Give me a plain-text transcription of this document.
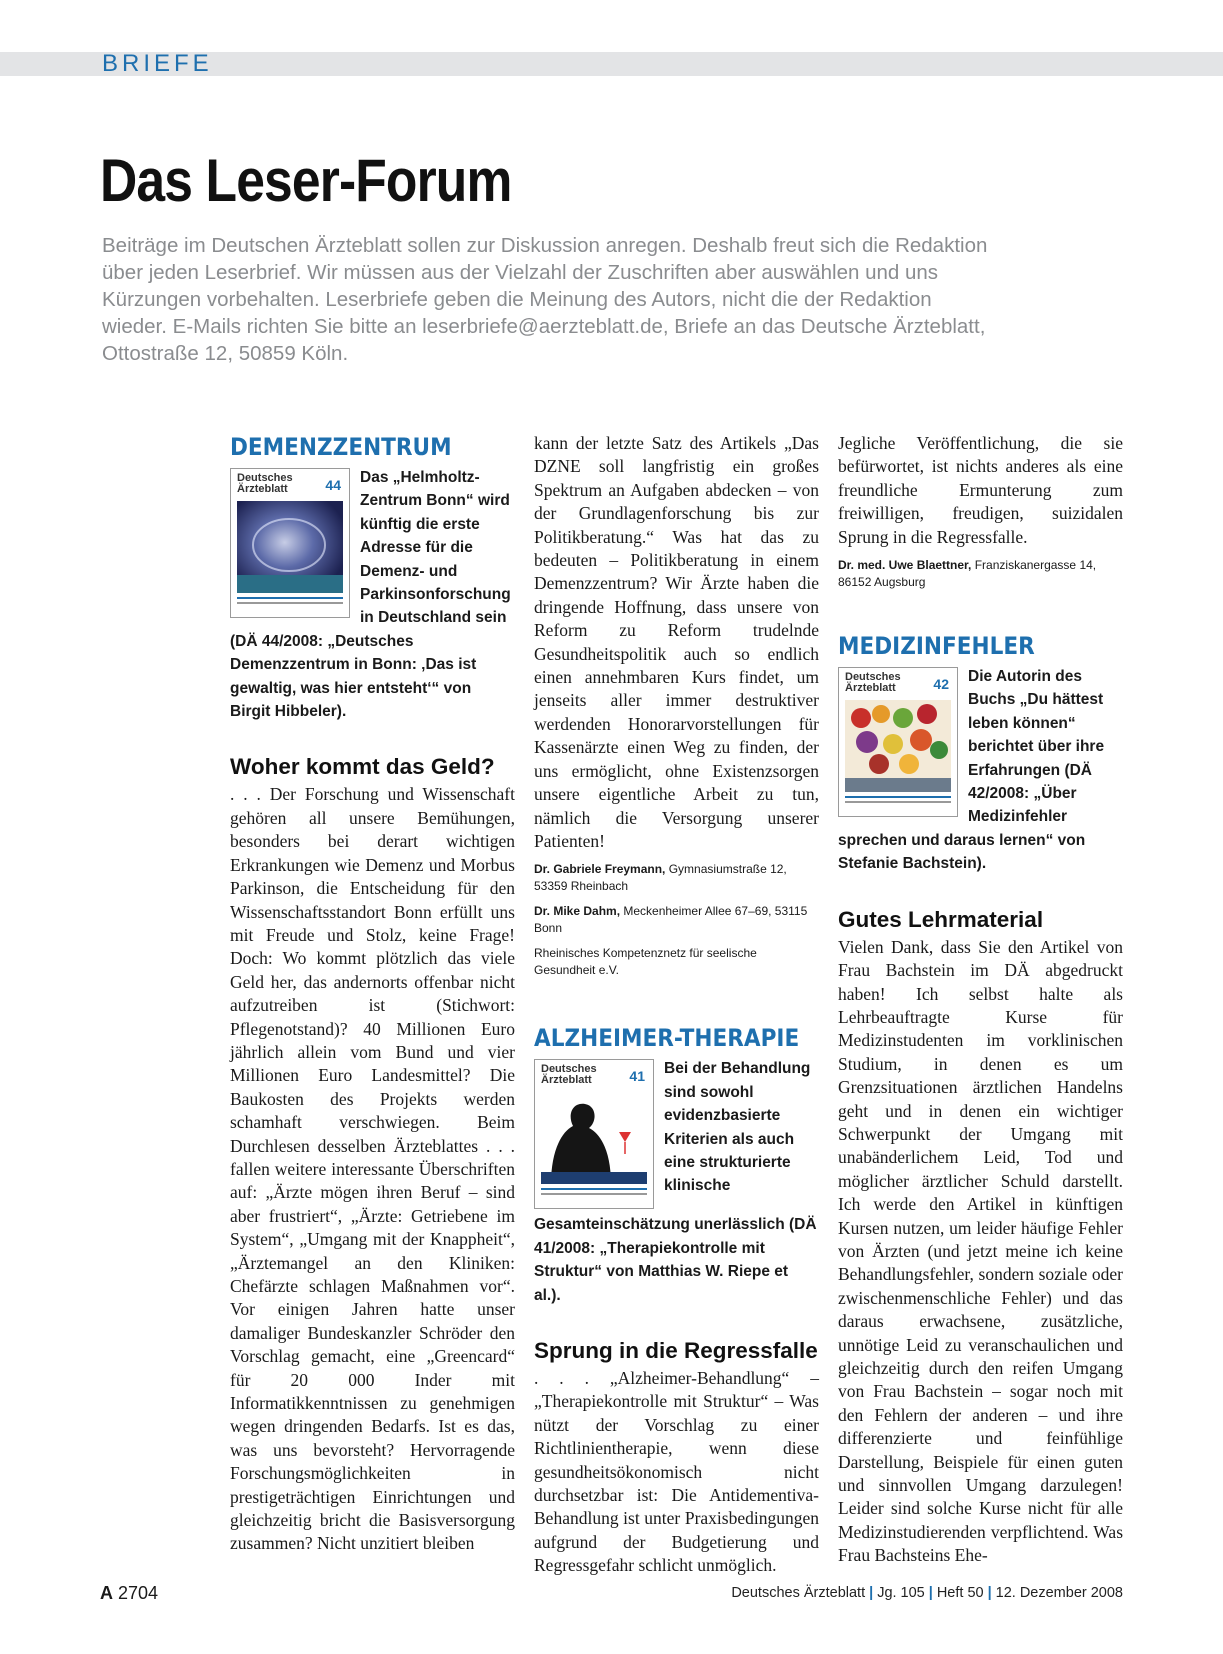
BRIEFE
Das Leser-Forum

Beiträge im Deutschen Ärzteblatt sollen zur Diskussion anregen. Deshalb freut sich die Redaktion über jeden Leserbrief. Wir müssen aus der Vielzahl der Zuschriften aber auswählen und uns Kürzungen vorbehalten. Leserbriefe geben die Meinung des Autors, nicht die der Redaktion wieder. E-Mails richten Sie bitte an leserbriefe@aerzteblatt.de, Briefe an das Deutsche Ärzteblatt, Ottostraße 12, 50859 Köln.

DEMENZZENTRUM
Deutsches Ärzteblatt	44	Das „Helmholtz-Zentrum Bonn“ wird künftig die erste Adresse für die Demenz- und Parkinsonforschung in Deutschland sein (DÄ 44/2008: „Deutsches Demenzzentrum in Bonn: ‚Das ist gewaltig, was hier entsteht‘“ von Birgit Hibbeler).

Woher kommt das Geld?

. . . Der Forschung und Wissenschaft gehören all unsere Bemühungen, besonders bei derart wichtigen Erkrankungen wie Demenz und Morbus Parkinson, die Entscheidung für den Wissenschaftsstandort Bonn erfüllt uns mit Freude und Stolz, keine Frage! Doch: Wo kommt plötzlich das viele Geld her, das andernorts offenbar nicht aufzutreiben ist (Stichwort: Pflegenotstand)? 40 Millionen Euro jährlich allein vom Bund und vier Millionen Euro Landesmittel? Die Baukosten des Projekts werden schamhaft verschwiegen. Beim Durchlesen desselben Ärzteblattes . . . fallen weitere interessante Überschriften auf: „Ärzte mögen ihren Beruf – sind aber frustriert“, „Ärzte: Getriebene im System“, „Umgang mit der Knappheit“, „Ärztemangel an den Kliniken: Chefärzte schlagen Maßnahmen vor“. Vor einigen Jahren hatte unser damaliger Bundeskanzler Schröder den Vorschlag gemacht, eine „Greencard“ für 20 000 Inder mit Informatikkenntnissen zu genehmigen wegen dringenden Bedarfs. Ist es das, was uns bevorsteht? Hervorragende Forschungsmöglichkeiten in prestigeträchtigen Einrichtungen und gleichzeitig bricht die Basisversorgung zusammen? Nicht unzitiert bleiben

kann der letzte Satz des Artikels „Das DZNE soll langfristig ein großes Spektrum an Aufgaben abdecken – von der Grundlagenforschung bis zur Politikberatung.“ Was hat das zu bedeuten – Politikberatung in einem Demenzzentrum? Wir Ärzte haben die dringende Hoffnung, dass unsere von Reform zu Reform trudelnde Gesundheitspolitik auch so endlich einen annehmbaren Kurs findet, um jenseits aller immer destruktiver werdenden Honorarvorstellungen für Kassenärzte einen Weg zu finden, der uns ermöglicht, ohne Existenzsorgen unsere eigentliche Arbeit zu tun, nämlich die Versorgung unserer Patienten!

Dr. Gabriele Freymann, Gymnasiumstraße 12, 53359 Rheinbach

Dr. Mike Dahm, Meckenheimer Allee 67–69, 53115 Bonn

Rheinisches Kompetenznetz für seelische Gesundheit e.V.

ALZHEIMER-THERAPIE
Deutsches Ärzteblatt	41	Bei der Behandlung sind sowohl evidenzbasierte Kriterien als auch eine strukturierte klinische Gesamteinschätzung unerlässlich (DÄ 41/2008: „Therapiekontrolle mit Struktur“ von Matthias W. Riepe et al.).

Sprung in die Regressfalle

. . . „Alzheimer-Behandlung“ – „Therapiekontrolle mit Struktur“ – Was nützt der Vorschlag zu einer Richtlinientherapie, wenn diese gesundheitsökonomisch nicht durchsetzbar ist: Die Antidementiva-Behandlung ist unter Praxisbedingungen aufgrund der Budgetierung und Regressgefahr schlicht unmöglich.

Jegliche Veröffentlichung, die sie befürwortet, ist nichts anderes als eine freundliche Ermunterung zum freiwilligen, freudigen, suizidalen Sprung in die Regressfalle.

Dr. med. Uwe Blaettner, Franziskanergasse 14, 86152 Augsburg

MEDIZINFEHLER
Deutsches Ärzteblatt	42	Die Autorin des Buchs „Du hättest leben können“ berichtet über ihre Erfahrungen (DÄ 42/2008: „Über Medizinfehler sprechen und daraus lernen“ von Stefanie Bachstein).

Gutes Lehrmaterial

Vielen Dank, dass Sie den Artikel von Frau Bachstein im DÄ abgedruckt haben! Ich selbst halte als Lehrbeauftragte Kurse für Medizinstudenten im vorklinischen Studium, in denen es um Grenzsituationen ärztlichen Handelns geht und in denen ein wichtiger Schwerpunkt der Umgang mit unabänderlichem Leid, Tod und möglicher ärztlicher Schuld darstellt. Ich werde den Artikel in künftigen Kursen nutzen, um leider häufige Fehler von Ärzten (und jetzt meine ich keine Behandlungsfehler, sondern soziale oder zwischenmenschliche Fehler) und das daraus erwachsene, zusätzliche, unnötige Leid zu veranschaulichen und gleichzeitig durch den reifen Umgang von Frau Bachstein – sogar noch mit den Fehlern der anderen – und ihre differenzierte und feinfühlige Darstellung, Beispiele für einen guten und sinnvollen Umgang darzulegen! Leider sind solche Kurse nicht für alle Medizinstudierenden verpflichtend. Was Frau Bachsteins Ehe-

A 2704	Deutsches Ärzteblatt | Jg. 105 | Heft 50 | 12. Dezember 2008
